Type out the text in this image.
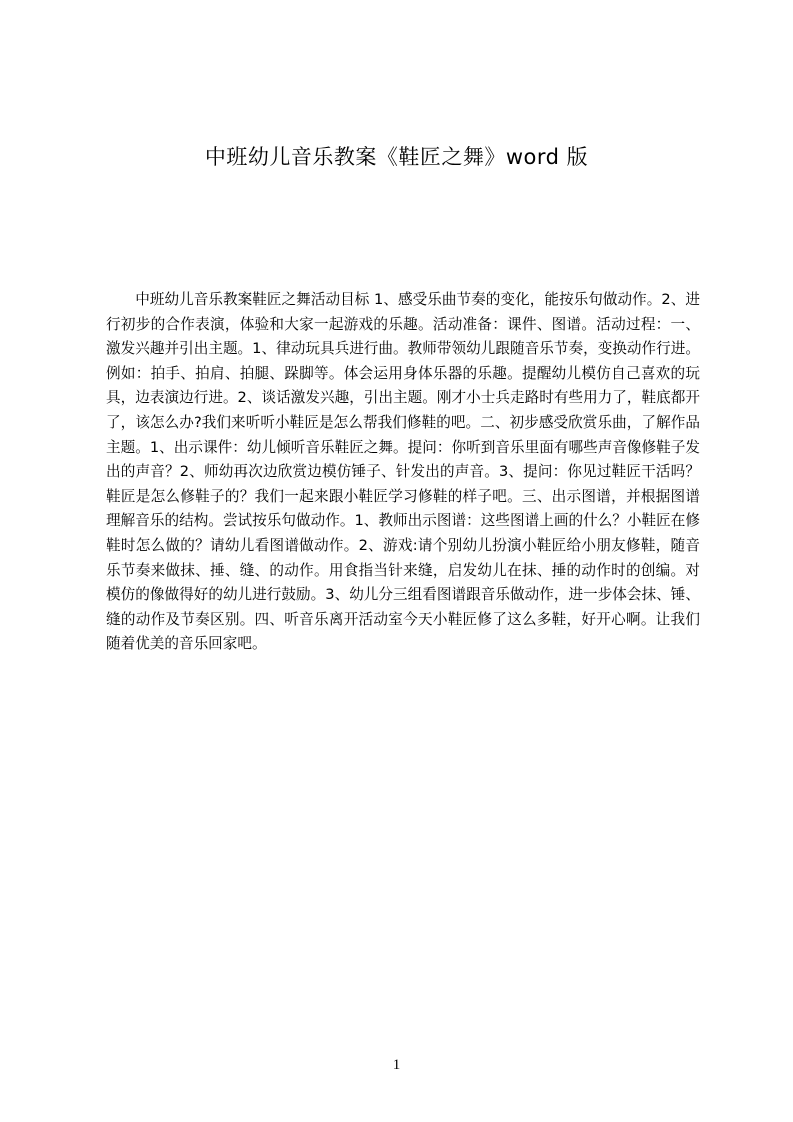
中班幼儿音乐教案《鞋匠之舞》word 版

中班幼儿音乐教案鞋匠之舞活动目标 1、感受乐曲节奏的变化，能按乐句做动作。2、进行初步的合作表演，体验和大家一起游戏的乐趣。活动准备：课件、图谱。活动过程：一、激发兴趣并引出主题。1、律动玩具兵进行曲。教师带领幼儿跟随音乐节奏，变换动作行进。例如：拍手、拍肩、拍腿、跺脚等。体会运用身体乐器的乐趣。提醒幼儿模仿自己喜欢的玩具，边表演边行进。2、谈话激发兴趣，引出主题。刚才小士兵走路时有些用力了，鞋底都开了，该怎么办?我们来听听小鞋匠是怎么帮我们修鞋的吧。二、初步感受欣赏乐曲，了解作品主题。1、出示课件：幼儿倾听音乐鞋匠之舞。提问：你听到音乐里面有哪些声音像修鞋子发出的声音？2、师幼再次边欣赏边模仿锤子、针发出的声音。3、提问：你见过鞋匠干活吗？鞋匠是怎么修鞋子的？我们一起来跟小鞋匠学习修鞋的样子吧。三、出示图谱，并根据图谱理解音乐的结构。尝试按乐句做动作。1、教师出示图谱：这些图谱上画的什么？小鞋匠在修鞋时怎么做的？请幼儿看图谱做动作。2、游戏:请个别幼儿扮演小鞋匠给小朋友修鞋，随音乐节奏来做抹、捶、缝、的动作。用食指当针来缝，启发幼儿在抹、捶的动作时的创编。对模仿的像做得好的幼儿进行鼓励。3、幼儿分三组看图谱跟音乐做动作，进一步体会抹、锤、缝的动作及节奏区别。四、听音乐离开活动室今天小鞋匠修了这么多鞋，好开心啊。让我们随着优美的音乐回家吧。

1
